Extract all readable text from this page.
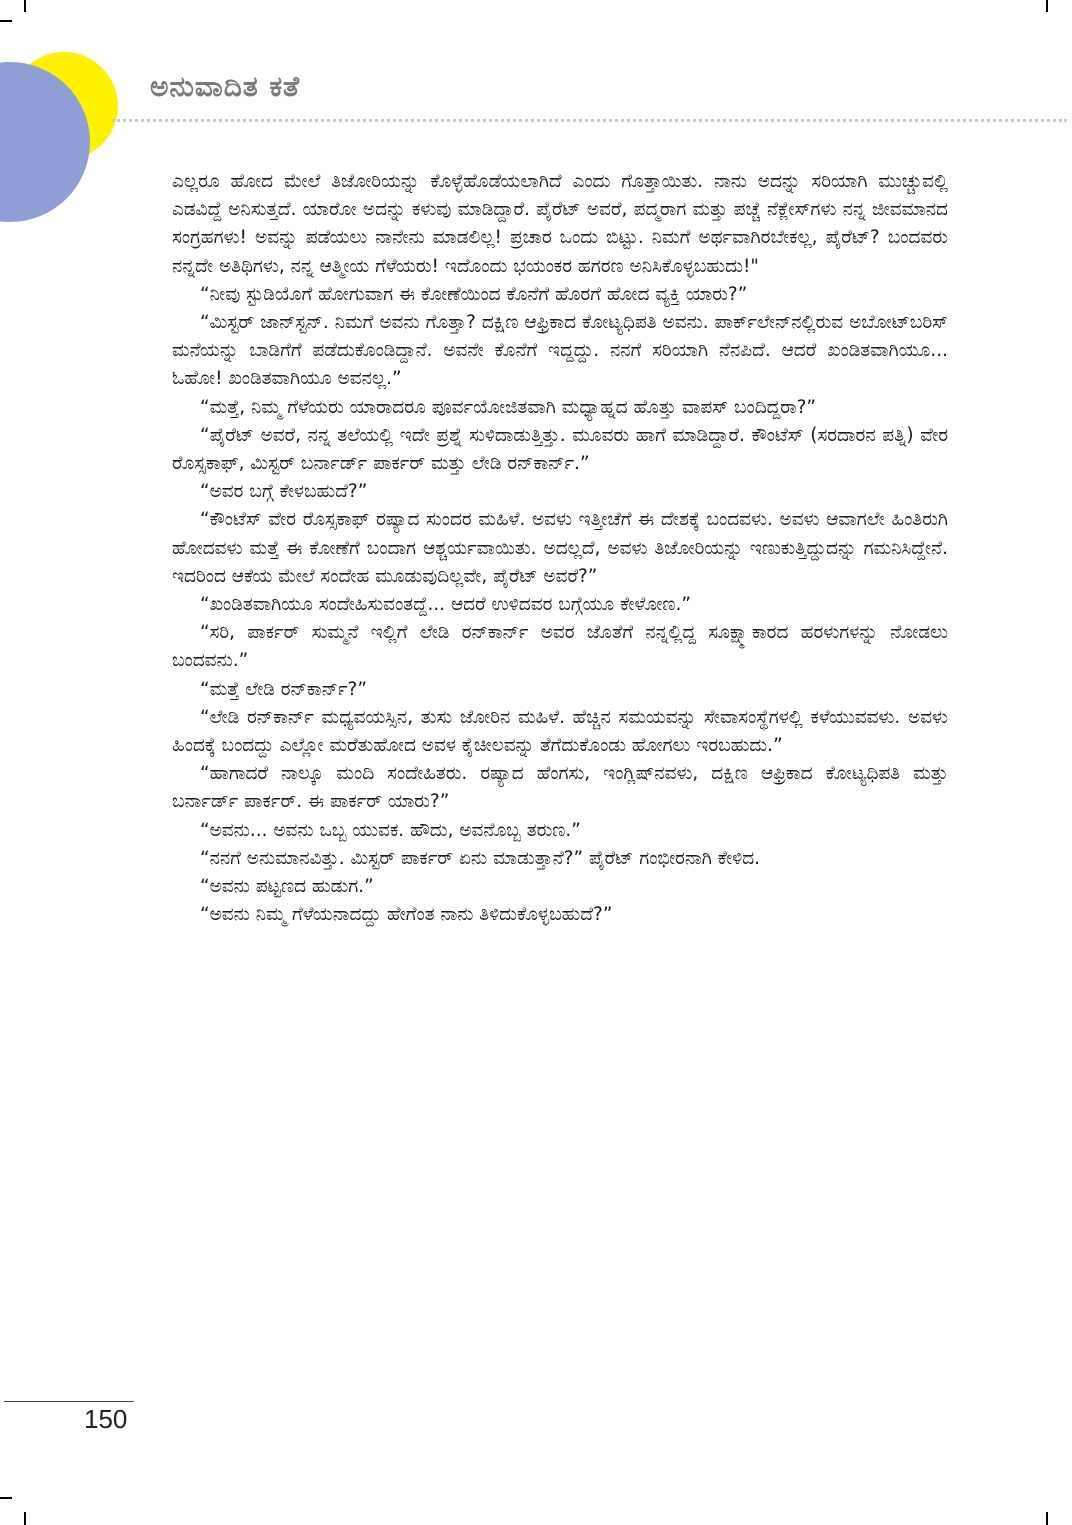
ಅನುವಾದಿತ ಕತೆ

ಎಲ್ಲರೂ ಹೋದ ಮೇಲೆ ತಿಜೋರಿಯನ್ನು ಕೊಳ್ಳೆಹೊಡೆಯಲಾಗಿದೆ ಎಂದು ಗೊತ್ತಾಯಿತು. ನಾನು ಅದನ್ನು ಸರಿಯಾಗಿ ಮುಚ್ಚುವಲ್ಲಿ ಎಡವಿದ್ದೆ ಅನಿಸುತ್ತದೆ. ಯಾರೋ ಅದನ್ನು ಕಳುವು ಮಾಡಿದ್ದಾರೆ. ಪೈರೆಟ್ ಅವರೆ, ಪದ್ಮರಾಗ ಮತ್ತು ಪಚ್ಚೆ ನೆಕ್ಲೇಸ್‌ಗಳು ನನ್ನ ಜೀವಮಾನದ ಸಂಗ್ರಹಗಳು! ಅವನ್ನು ಪಡೆಯಲು ನಾನೇನು ಮಾಡಲಿಲ್ಲ! ಪ್ರಚಾರ ಒಂದು ಬಿಟ್ಟು. ನಿಮಗೆ ಅರ್ಥವಾಗಿರಬೇಕಲ್ಲ, ಪೈರೆಟ್? ಬಂದವರು ನನ್ನದೇ ಅತಿಥಿಗಳು, ನನ್ನ ಆತ್ಮೀಯ ಗೆಳೆಯರು! ಇದೊಂದು ಭಯಂಕರ ಹಗರಣ ಅನಿಸಿಕೊಳ್ಳಬಹುದು!"

“ನೀವು ಸ್ಟುಡಿಯೊಗೆ ಹೋಗುವಾಗ ಈ ಕೋಣೆಯಿಂದ ಕೊನೆಗೆ ಹೊರಗೆ ಹೋದ ವ್ಯಕ್ತಿ ಯಾರು?”

“ಮಿಸ್ಟರ್ ಜಾನ್‌ಸ್ಟನ್. ನಿಮಗೆ ಅವನು ಗೊತ್ತಾ? ದಕ್ಷಿಣ ಆಫ್ರಿಕಾದ ಕೋಟ್ಯಧಿಪತಿ ಅವನು. ಪಾರ್ಕ್‌ಲೇನ್‌ನಲ್ಲಿರುವ ಅಬೋಟ್‌ಬರಿಸ್ ಮನೆಯನ್ನು ಬಾಡಿಗೆಗೆ ಪಡೆದುಕೊಂಡಿದ್ದಾನೆ. ಅವನೇ ಕೊನೆಗೆ ಇದ್ದದ್ದು. ನನಗೆ ಸರಿಯಾಗಿ ನೆನಪಿದೆ. ಆದರೆ ಖಂಡಿತವಾಗಿಯೂ... ಓಹೋ! ಖಂಡಿತವಾಗಿಯೂ ಅವನಲ್ಲ.”

“ಮತ್ತೆ, ನಿಮ್ಮ ಗೆಳೆಯರು ಯಾರಾದರೂ ಪೂರ್ವಯೋಜಿತವಾಗಿ ಮಧ್ಯಾಹ್ನದ ಹೊತ್ತು ವಾಪಸ್ ಬಂದಿದ್ದರಾ?”

“ಪೈರೆಟ್ ಅವರೆ, ನನ್ನ ತಲೆಯಲ್ಲಿ ಇದೇ ಪ್ರಶ್ನೆ ಸುಳಿದಾಡುತ್ತಿತ್ತು. ಮೂವರು ಹಾಗೆ ಮಾಡಿದ್ದಾರೆ. ಕೌಂಟೆಸ್ (ಸರದಾರನ ಪತ್ನಿ) ವೇರ ರೊಸ್ಸಕಾಫ್, ಮಿಸ್ಟರ್ ಬರ್ನಾರ್ಡ್ ಪಾರ್ಕರ್ ಮತ್ತು ಲೇಡಿ ರನ್‌ಕಾರ್ನ್.”

“ಅವರ ಬಗ್ಗೆ ಕೇಳಬಹುದೆ?”

“ಕೌಂಟೆಸ್ ವೇರ ರೊಸ್ಸಕಾಫ್ ರಷ್ಯಾದ ಸುಂದರ ಮಹಿಳೆ. ಅವಳು ಇತ್ತೀಚೆಗೆ ಈ ದೇಶಕ್ಕೆ ಬಂದವಳು. ಅವಳು ಆವಾಗಲೇ ಹಿಂತಿರುಗಿ ಹೋದವಳು ಮತ್ತೆ ಈ ಕೋಣೆಗೆ ಬಂದಾಗ ಆಶ್ಚರ್ಯವಾಯಿತು. ಅದಲ್ಲದೆ, ಅವಳು ತಿಜೋರಿಯನ್ನು ಇಣುಕುತ್ತಿದ್ದುದನ್ನು ಗಮನಿಸಿದ್ದೇನೆ. ಇದರಿಂದ ಆಕೆಯ ಮೇಲೆ ಸಂದೇಹ ಮೂಡುವುದಿಲ್ಲವೇ, ಪೈರೆಟ್ ಅವರೆ?”

“ಖಂಡಿತವಾಗಿಯೂ ಸಂದೇಹಿಸುವಂತದ್ದೆ... ಆದರೆ ಉಳಿದವರ ಬಗ್ಗೆಯೂ ಕೇಳೋಣ.”

“ಸರಿ, ಪಾರ್ಕರ್ ಸುಮ್ಮನೆ ಇಲ್ಲಿಗೆ ಲೇಡಿ ರನ್‌ಕಾರ್ನ್ ಅವರ ಜೊತೆಗೆ ನನ್ನಲ್ಲಿದ್ದ ಸೂಕ್ಷ್ಮಾಕಾರದ ಹರಳುಗಳನ್ನು ನೋಡಲು ಬಂದವನು.”

“ಮತ್ತೆ ಲೇಡಿ ರನ್‌ಕಾರ್ನ್?”

“ಲೇಡಿ ರನ್‌ಕಾರ್ನ್ ಮಧ್ಯವಯಸ್ಸಿನ, ತುಸು ಜೋರಿನ ಮಹಿಳೆ. ಹೆಚ್ಚಿನ ಸಮಯವನ್ನು ಸೇವಾಸಂಸ್ಥೆಗಳಲ್ಲಿ ಕಳೆಯುವವಳು. ಅವಳು ಹಿಂದಕ್ಕೆ ಬಂದದ್ದು ಎಲ್ಲೋ ಮರೆತುಹೋದ ಅವಳ ಕೈಚೀಲವನ್ನು ತೆಗೆದುಕೊಂಡು ಹೋಗಲು ಇರಬಹುದು.”

“ಹಾಗಾದರೆ ನಾಲ್ಕೂ ಮಂದಿ ಸಂದೇಹಿತರು. ರಷ್ಯಾದ ಹೆಂಗಸು, ಇಂಗ್ಲಿಷ್‌ನವಳು, ದಕ್ಷಿಣ ಆಫ್ರಿಕಾದ ಕೋಟ್ಯಧಿಪತಿ ಮತ್ತು ಬರ್ನಾರ್ಡ್ ಪಾರ್ಕರ್. ಈ ಪಾರ್ಕರ್ ಯಾರು?”

“ಅವನು... ಅವನು ಒಬ್ಬ ಯುವಕ. ಹೌದು, ಅವನೊಬ್ಬ ತರುಣ.”

“ನನಗೆ ಅನುಮಾನವಿತ್ತು. ಮಿಸ್ಟರ್ ಪಾರ್ಕರ್ ಏನು ಮಾಡುತ್ತಾನೆ?” ಪೈರೆಟ್ ಗಂಭೀರನಾಗಿ ಕೇಳಿದ.

“ಅವನು ಪಟ್ಟಣದ ಹುಡುಗ.”

“ಅವನು ನಿಮ್ಮ ಗೆಳೆಯನಾದದ್ದು ಹೇಗೆಂತ ನಾನು ತಿಳಿದುಕೊಳ್ಳಬಹುದೆ?”

150
